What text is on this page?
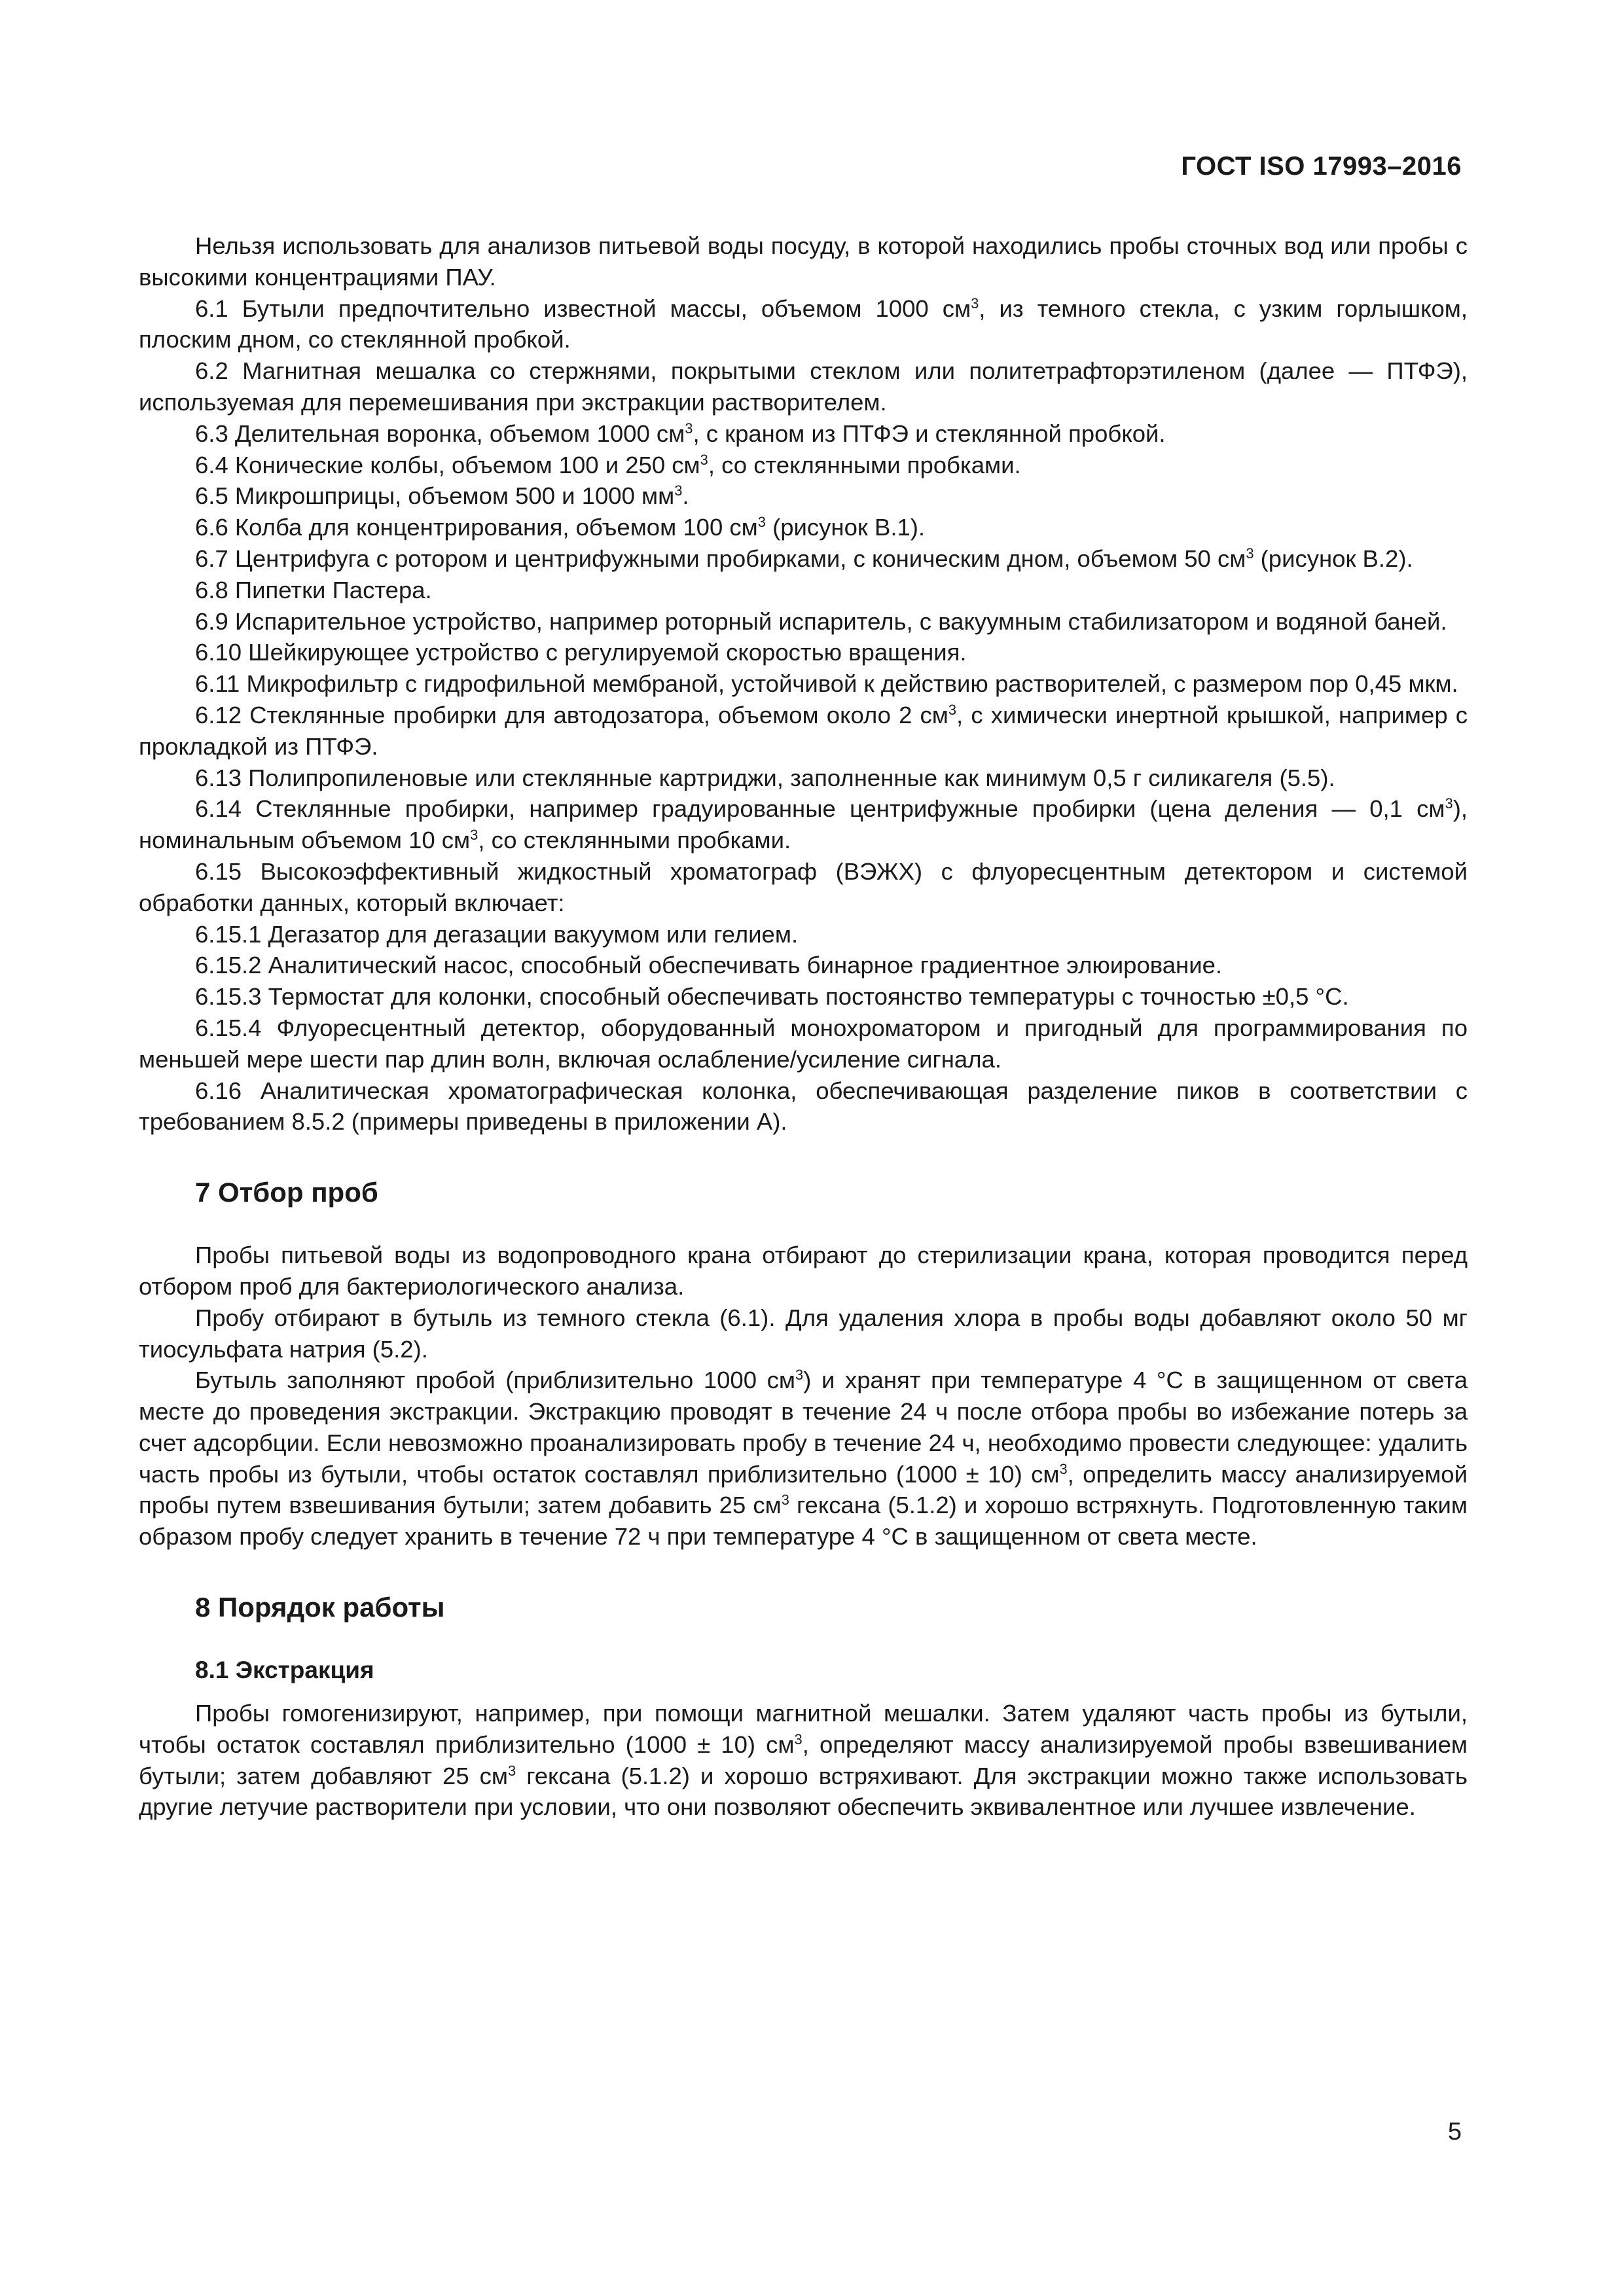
ГОСТ ISO 17993–2016

Нельзя использовать для анализов питьевой воды посуду, в которой находились пробы сточных вод или пробы с высокими концентрациями ПАУ.

6.1 Бутыли предпочтительно известной массы, объемом 1000 $см^3$, из темного стекла, с узким горлышком, плоским дном, со стеклянной пробкой.

6.2 Магнитная мешалка со стержнями, покрытыми стеклом или политетрафторэтиленом (далее — ПТФЭ), используемая для перемешивания при экстракции растворителем.

6.3 Делительная воронка, объемом 1000 $см^3$, с краном из ПТФЭ и стеклянной пробкой.

6.4 Конические колбы, объемом 100 и 250 $см^3$, со стеклянными пробками.

6.5 Микрошприцы, объемом 500 и 1000 $мм^3$.

6.6 Колба для концентрирования, объемом 100 $см^3$ (рисунок В.1).

6.7 Центрифуга с ротором и центрифужными пробирками, с коническим дном, объемом 50 $см^3$ (рисунок В.2).

6.8 Пипетки Пастера.

6.9 Испарительное устройство, например роторный испаритель, с вакуумным стабилизатором и водяной баней.

6.10 Шейкирующее устройство с регулируемой скоростью вращения.

6.11 Микрофильтр с гидрофильной мембраной, устойчивой к действию растворителей, с размером пор 0,45 мкм.

6.12 Стеклянные пробирки для автодозатора, объемом около 2 $см^3$, с химически инертной крышкой, например с прокладкой из ПТФЭ.

6.13 Полипропиленовые или стеклянные картриджи, заполненные как минимум 0,5 г силикагеля (5.5).

6.14 Стеклянные пробирки, например градуированные центрифужные пробирки (цена деления — 0,1 $см^3$), номинальным объемом 10 $см^3$, со стеклянными пробками.

6.15 Высокоэффективный жидкостный хроматограф (ВЭЖХ) с флуоресцентным детектором и системой обработки данных, который включает:

6.15.1 Дегазатор для дегазации вакуумом или гелием.

6.15.2 Аналитический насос, способный обеспечивать бинарное градиентное элюирование.

6.15.3 Термостат для колонки, способный обеспечивать постоянство температуры с точностью ±0,5 °С.

6.15.4 Флуоресцентный детектор, оборудованный монохроматором и пригодный для программирования по меньшей мере шести пар длин волн, включая ослабление/усиление сигнала.

6.16 Аналитическая хроматографическая колонка, обеспечивающая разделение пиков в соответствии с требованием 8.5.2 (примеры приведены в приложении А).

7 Отбор проб

Пробы питьевой воды из водопроводного крана отбирают до стерилизации крана, которая проводится перед отбором проб для бактериологического анализа.

Пробу отбирают в бутыль из темного стекла (6.1). Для удаления хлора в пробы воды добавляют около 50 мг тиосульфата натрия (5.2).

Бутыль заполняют пробой (приблизительно 1000 $см^3$) и хранят при температуре 4 °С в защищенном от света месте до проведения экстракции. Экстракцию проводят в течение 24 ч после отбора пробы во избежание потерь за счет адсорбции. Если невозможно проанализировать пробу в течение 24 ч, необходимо провести следующее: удалить часть пробы из бутыли, чтобы остаток составлял приблизительно (1000 ± 10) $см^3$, определить массу анализируемой пробы путем взвешивания бутыли; затем добавить 25 $см^3$ гексана (5.1.2) и хорошо встряхнуть. Подготовленную таким образом пробу следует хранить в течение 72 ч при температуре 4 °С в защищенном от света месте.

8 Порядок работы
8.1 Экстракция

Пробы гомогенизируют, например, при помощи магнитной мешалки. Затем удаляют часть пробы из бутыли, чтобы остаток составлял приблизительно (1000 ± 10) $см^3$, определяют массу анализируемой пробы взвешиванием бутыли; затем добавляют 25 $см^3$ гексана (5.1.2) и хорошо встряхивают. Для экстракции можно также использовать другие летучие растворители при условии, что они позволяют обеспечить эквивалентное или лучшее извлечение.

5
